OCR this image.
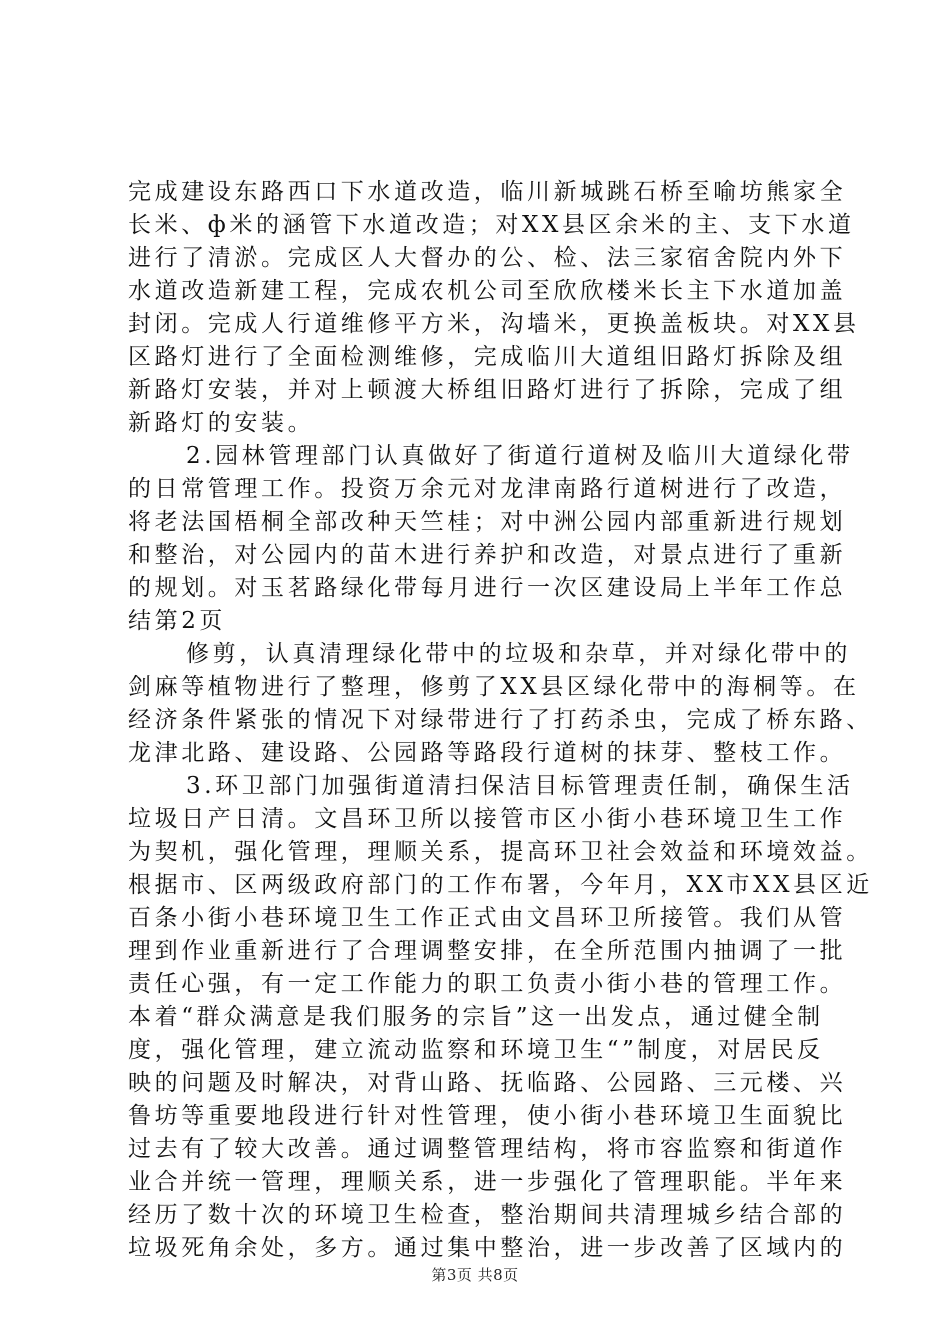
完成建设东路西口下水道改造，临川新城跳石桥至喻坊熊家全
长米、ф米的涵管下水道改造；对XX县区余米的主、支下水道
进行了清淤。完成区人大督办的公、检、法三家宿舍院内外下
水道改造新建工程，完成农机公司至欣欣楼米长主下水道加盖
封闭。完成人行道维修平方米，沟墙米，更换盖板块。对XX县
区路灯进行了全面检测维修，完成临川大道组旧路灯拆除及组
新路灯安装，并对上顿渡大桥组旧路灯进行了拆除，完成了组
新路灯的安装。
2.园林管理部门认真做好了街道行道树及临川大道绿化带
的日常管理工作。投资万余元对龙津南路行道树进行了改造，
将老法国梧桐全部改种天竺桂；对中洲公园内部重新进行规划
和整治，对公园内的苗木进行养护和改造，对景点进行了重新
的规划。对玉茗路绿化带每月进行一次区建设局上半年工作总
结第2页
修剪，认真清理绿化带中的垃圾和杂草，并对绿化带中的
剑麻等植物进行了整理，修剪了XX县区绿化带中的海桐等。在
经济条件紧张的情况下对绿带进行了打药杀虫，完成了桥东路、
龙津北路、建设路、公园路等路段行道树的抹芽、整枝工作。
3.环卫部门加强街道清扫保洁目标管理责任制，确保生活
垃圾日产日清。文昌环卫所以接管市区小街小巷环境卫生工作
为契机，强化管理，理顺关系，提高环卫社会效益和环境效益。
根据市、区两级政府部门的工作布署，今年月，XX市XX县区近
百条小街小巷环境卫生工作正式由文昌环卫所接管。我们从管
理到作业重新进行了合理调整安排，在全所范围内抽调了一批
责任心强，有一定工作能力的职工负责小街小巷的管理工作。
本着“群众满意是我们服务的宗旨”这一出发点，通过健全制
度，强化管理，建立流动监察和环境卫生“”制度，对居民反
映的问题及时解决，对背山路、抚临路、公园路、三元楼、兴
鲁坊等重要地段进行针对性管理，使小街小巷环境卫生面貌比
过去有了较大改善。通过调整管理结构，将市容监察和街道作
业合并统一管理，理顺关系，进一步强化了管理职能。半年来
经历了数十次的环境卫生检查，整治期间共清理城乡结合部的
垃圾死角余处，多方。通过集中整治，进一步改善了区域内的
第3页 共8页
